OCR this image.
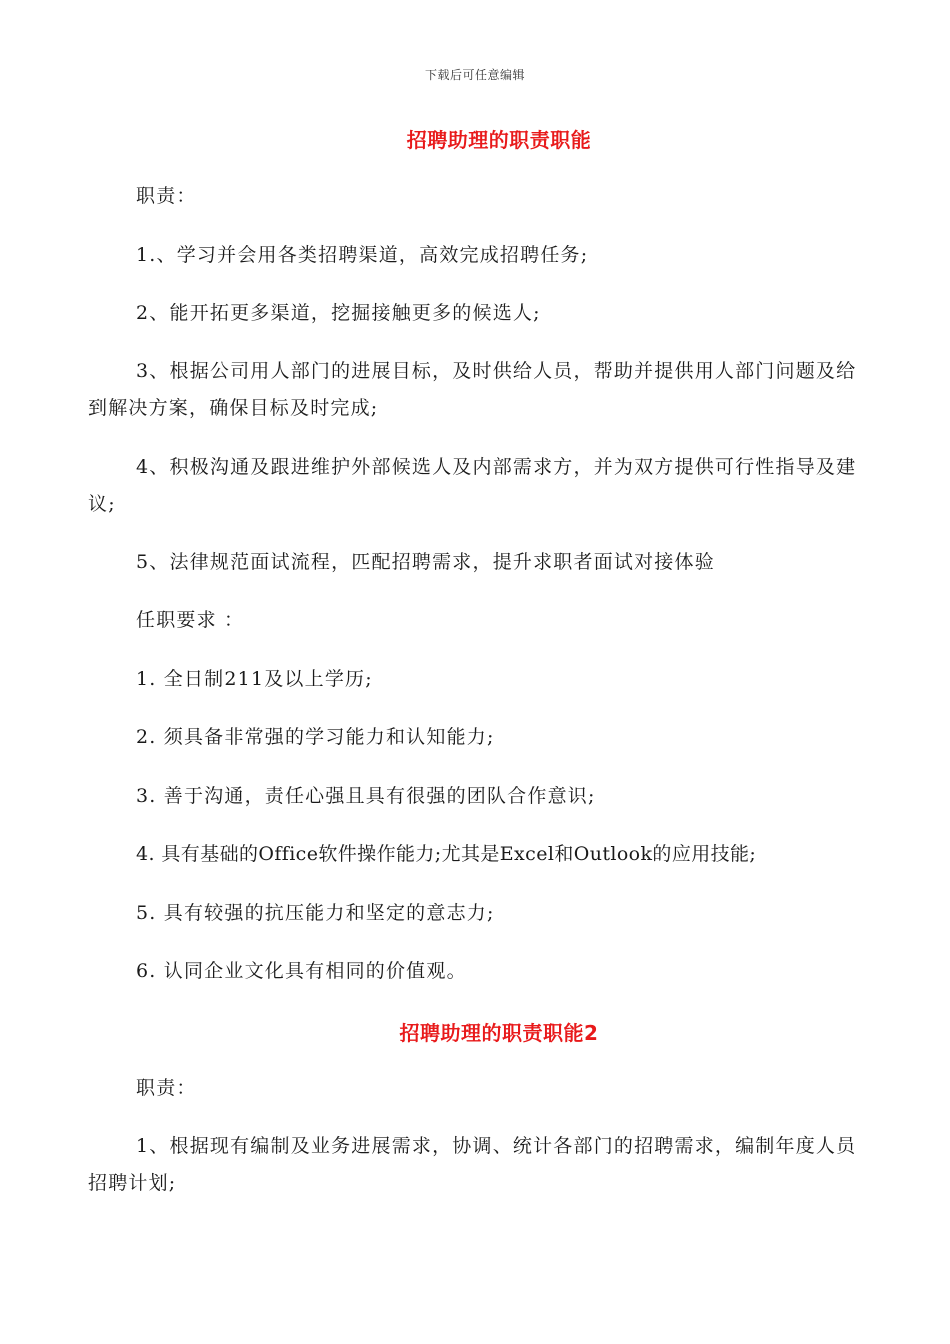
下载后可任意编辑
招聘助理的职责职能
职责：
1.、学习并会用各类招聘渠道，高效完成招聘任务;
2、能开拓更多渠道，挖掘接触更多的候选人;
3、根据公司用人部门的进展目标，及时供给人员，帮助并提供用人部门问题及给到解决方案，确保目标及时完成;
4、积极沟通及跟进维护外部候选人及内部需求方，并为双方提供可行性指导及建议;
5、法律规范面试流程，匹配招聘需求，提升求职者面试对接体验
任职要求 ：
1. 全日制211及以上学历;
2. 须具备非常强的学习能力和认知能力;
3. 善于沟通，责任心强且具有很强的团队合作意识;
4. 具有基础的Office软件操作能力;尤其是Excel和Outlook的应用技能;
5. 具有较强的抗压能力和坚定的意志力;
6. 认同企业文化具有相同的价值观。
招聘助理的职责职能2
职责：
1、根据现有编制及业务进展需求，协调、统计各部门的招聘需求，编制年度人员招聘计划;
